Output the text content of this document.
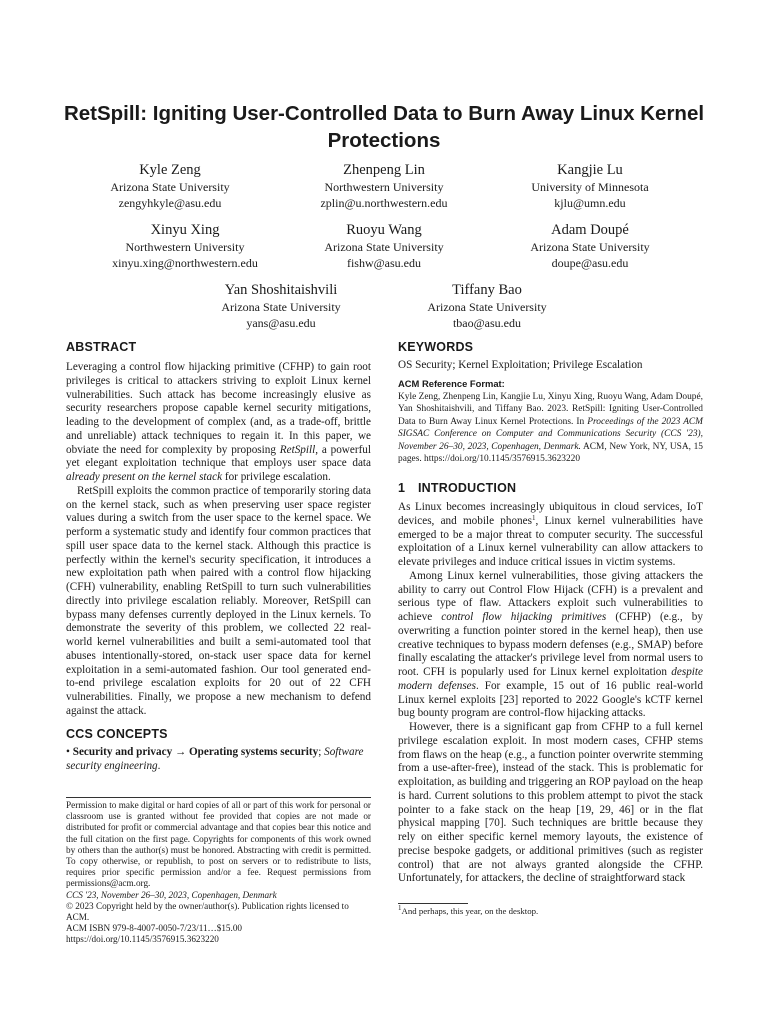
RetSpill: Igniting User-Controlled Data to Burn Away Linux Kernel Protections
Kyle Zeng
Arizona State University
zengyhkyle@asu.edu
Zhenpeng Lin
Northwestern University
zplin@u.northwestern.edu
Kangjie Lu
University of Minnesota
kjlu@umn.edu
Xinyu Xing
Northwestern University
xinyu.xing@northwestern.edu
Ruoyu Wang
Arizona State University
fishw@asu.edu
Adam Doupé
Arizona State University
doupe@asu.edu
Yan Shoshitaishvili
Arizona State University
yans@asu.edu
Tiffany Bao
Arizona State University
tbao@asu.edu
ABSTRACT

Leveraging a control flow hijacking primitive (CFHP) to gain root privileges is critical to attackers striving to exploit Linux kernel vulnerabilities. Such attack has become increasingly elusive as security researchers propose capable kernel security mitigations, leading to the development of complex (and, as a trade-off, brittle and unreliable) attack techniques to regain it. In this paper, we obviate the need for complexity by proposing RetSpill, a powerful yet elegant exploitation technique that employs user space data already present on the kernel stack for privilege escalation.

RetSpill exploits the common practice of temporarily storing data on the kernel stack, such as when preserving user space register values during a switch from the user space to the kernel space. We perform a systematic study and identify four common practices that spill user space data to the kernel stack. Although this practice is perfectly within the kernel's security specification, it introduces a new exploitation path when paired with a control flow hijacking (CFH) vulnerability, enabling RetSpill to turn such vulnerabilities directly into privilege escalation reliably. Moreover, RetSpill can bypass many defenses currently deployed in the Linux kernels. To demonstrate the severity of this problem, we collected 22 real-world kernel vulnerabilities and built a semi-automated tool that abuses intentionally-stored, on-stack user space data for kernel exploitation in a semi-automated fashion. Our tool generated end-to-end privilege escalation exploits for 20 out of 22 CFH vulnerabilities. Finally, we propose a new mechanism to defend against the attack.

CCS CONCEPTS

• Security and privacy → Operating systems security; Software security engineering.

Permission to make digital or hard copies of all or part of this work for personal or classroom use is granted without fee provided that copies are not made or distributed for profit or commercial advantage and that copies bear this notice and the full citation on the first page. Copyrights for components of this work owned by others than the author(s) must be honored. Abstracting with credit is permitted. To copy otherwise, or republish, to post on servers or to redistribute to lists, requires prior specific permission and/or a fee. Request permissions from permissions@acm.org.

CCS '23, November 26–30, 2023, Copenhagen, Denmark

© 2023 Copyright held by the owner/author(s). Publication rights licensed to ACM.

ACM ISBN 979-8-4007-0050-7/23/11…$15.00

https://doi.org/10.1145/3576915.3623220

KEYWORDS

OS Security; Kernel Exploitation; Privilege Escalation

ACM Reference Format:

Kyle Zeng, Zhenpeng Lin, Kangjie Lu, Xinyu Xing, Ruoyu Wang, Adam Doupé, Yan Shoshitaishvili, and Tiffany Bao. 2023. RetSpill: Igniting User-Controlled Data to Burn Away Linux Kernel Protections. In Proceedings of the 2023 ACM SIGSAC Conference on Computer and Communications Security (CCS '23), November 26–30, 2023, Copenhagen, Denmark. ACM, New York, NY, USA, 15 pages. https://doi.org/10.1145/3576915.3623220

1 INTRODUCTION

As Linux becomes increasingly ubiquitous in cloud services, IoT devices, and mobile phones$^1$, Linux kernel vulnerabilities have emerged to be a major threat to computer security. The successful exploitation of a Linux kernel vulnerability can allow attackers to elevate privileges and induce critical issues in victim systems.

Among Linux kernel vulnerabilities, those giving attackers the ability to carry out Control Flow Hijack (CFH) is a prevalent and serious type of flaw. Attackers exploit such vulnerabilities to achieve control flow hijacking primitives (CFHP) (e.g., by overwriting a function pointer stored in the kernel heap), then use creative techniques to bypass modern defenses (e.g., SMAP) before finally escalating the attacker's privilege level from normal users to root. CFH is popularly used for Linux kernel exploitation despite modern defenses. For example, 15 out of 16 public real-world Linux kernel exploits [23] reported to 2022 Google's kCTF kernel bug bounty program are control-flow hijacking attacks.

However, there is a significant gap from CFHP to a full kernel privilege escalation exploit. In most modern cases, CFHP stems from flaws on the heap (e.g., a function pointer overwrite stemming from a use-after-free), instead of the stack. This is problematic for exploitation, as building and triggering an ROP payload on the heap is hard. Current solutions to this problem attempt to pivot the stack pointer to a fake stack on the heap [19, 29, 46] or in the flat physical mapping [70]. Such techniques are brittle because they rely on either specific kernel memory layouts, the existence of precise bespoke gadgets, or additional primitives (such as register control) that are not always granted alongside the CFHP. Unfortunately, for attackers, the decline of straightforward stack

$^1$And perhaps, this year, on the desktop.
